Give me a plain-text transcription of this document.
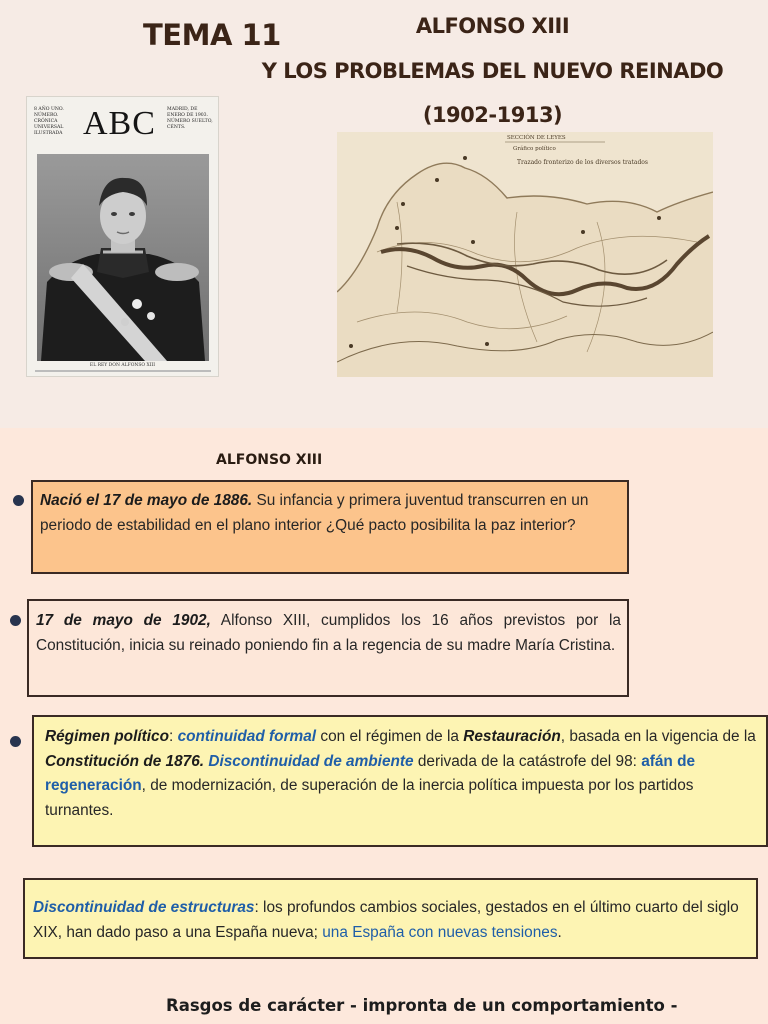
TEMA 11	ALFONSO XIII
Y LOS PROBLEMAS DEL NUEVO REINADO
(1902-1913)
8 AÑO UNO. NÚMERO. CRÓNICA UNIVERSAL ILUSTRADA ABC MADRID, DE ENERO DE 1903. NÚMERO SUELTO, CÉNTS.
EL REY DON ALFONSO XIII
SECCIÓN DE LEYES
Gráfico político
Trazado fronterizo de los diversos tratados
ALFONSO XIII
Nació el 17 de mayo de 1886. Su infancia y primera juventud transcurren en un periodo de estabilidad en el plano interior ¿Qué pacto posibilita la paz interior?
17 de mayo de 1902, Alfonso XIII, cumplidos los 16 años previstos por la Constitución, inicia su reinado poniendo fin a la regencia de su madre María Cristina.
Régimen político: continuidad formal con el régimen de la Restauración, basada en la vigencia de la Constitución de 1876. Discontinuidad de ambiente derivada de la catástrofe del 98: afán de regeneración, de modernización, de superación de la inercia política impuesta por los partidos turnantes.
Discontinuidad de estructuras: los profundos cambios sociales, gestados en el último cuarto del siglo XIX, han dado paso a una España nueva; una España con nuevas tensiones.
Rasgos de carácter - impronta de un comportamiento -
